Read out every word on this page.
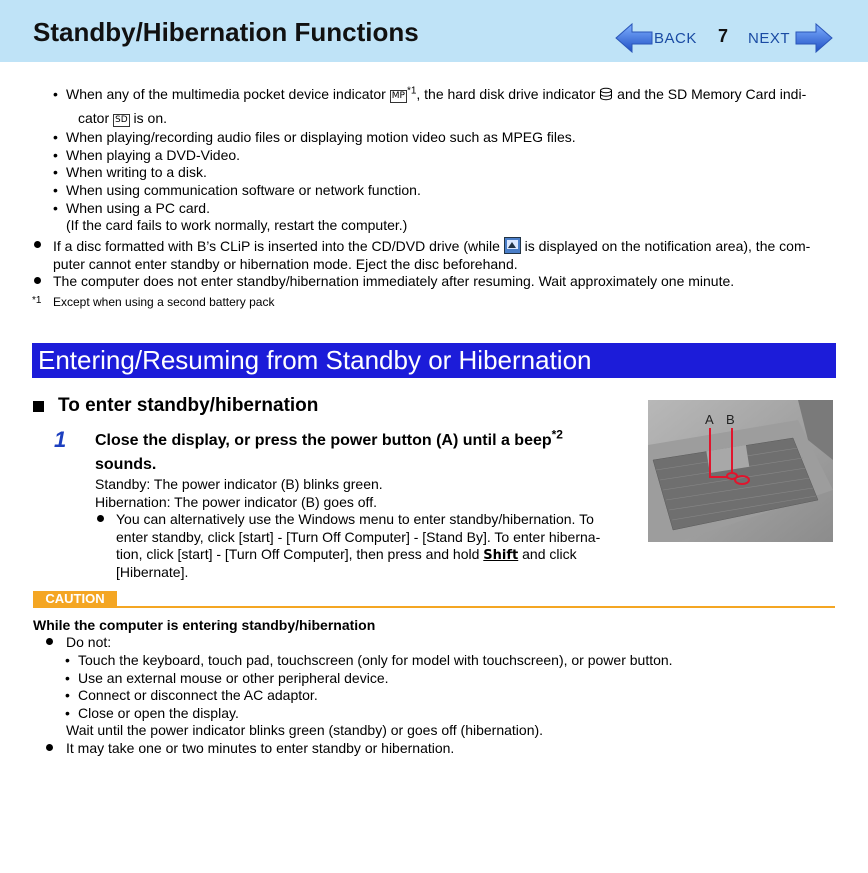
Standby/Hibernation Functions	BACK 7 NEXT
• When any of the multimedia pocket device indicator MP $^{*1}$, the hard disk drive indicator  and the SD Memory Card indi-
cator SD is on.
• When playing/recording audio files or displaying motion video such as MPEG files.
• When playing a DVD-Video.
• When writing to a disk.
• When using communication software or network function.
• When using a PC card.
(If the card fails to work normally, restart the computer.)
If a disc formatted with B’s CLiP is inserted into the CD/DVD drive (while  is displayed on the notification area), the com-
puter cannot enter standby or hibernation mode. Eject the disc beforehand.
The computer does not enter standby/hibernation immediately after resuming. Wait approximately one minute.
*1 Except when using a second battery pack
Entering/Resuming from Standby or Hibernation
To enter standby/hibernation
1 Close the display, or press the power button (A) until a beep$^{*2}$
sounds.
Standby: The power indicator (B) blinks green.
Hibernation: The power indicator (B) goes off.
You can alternatively use the Windows menu to enter standby/hibernation. To
enter standby, click [start] - [Turn Off Computer] - [Stand By]. To enter hiberna-
tion, click [start] - [Turn Off Computer], then press and hold Shift and click
[Hibernate].
A B
CAUTION
While the computer is entering standby/hibernation
Do not:
• Touch the keyboard, touch pad, touchscreen (only for model with touchscreen), or power button.
• Use an external mouse or other peripheral device.
• Connect or disconnect the AC adaptor.
• Close or open the display.
Wait until the power indicator blinks green (standby) or goes off (hibernation).
It may take one or two minutes to enter standby or hibernation.
